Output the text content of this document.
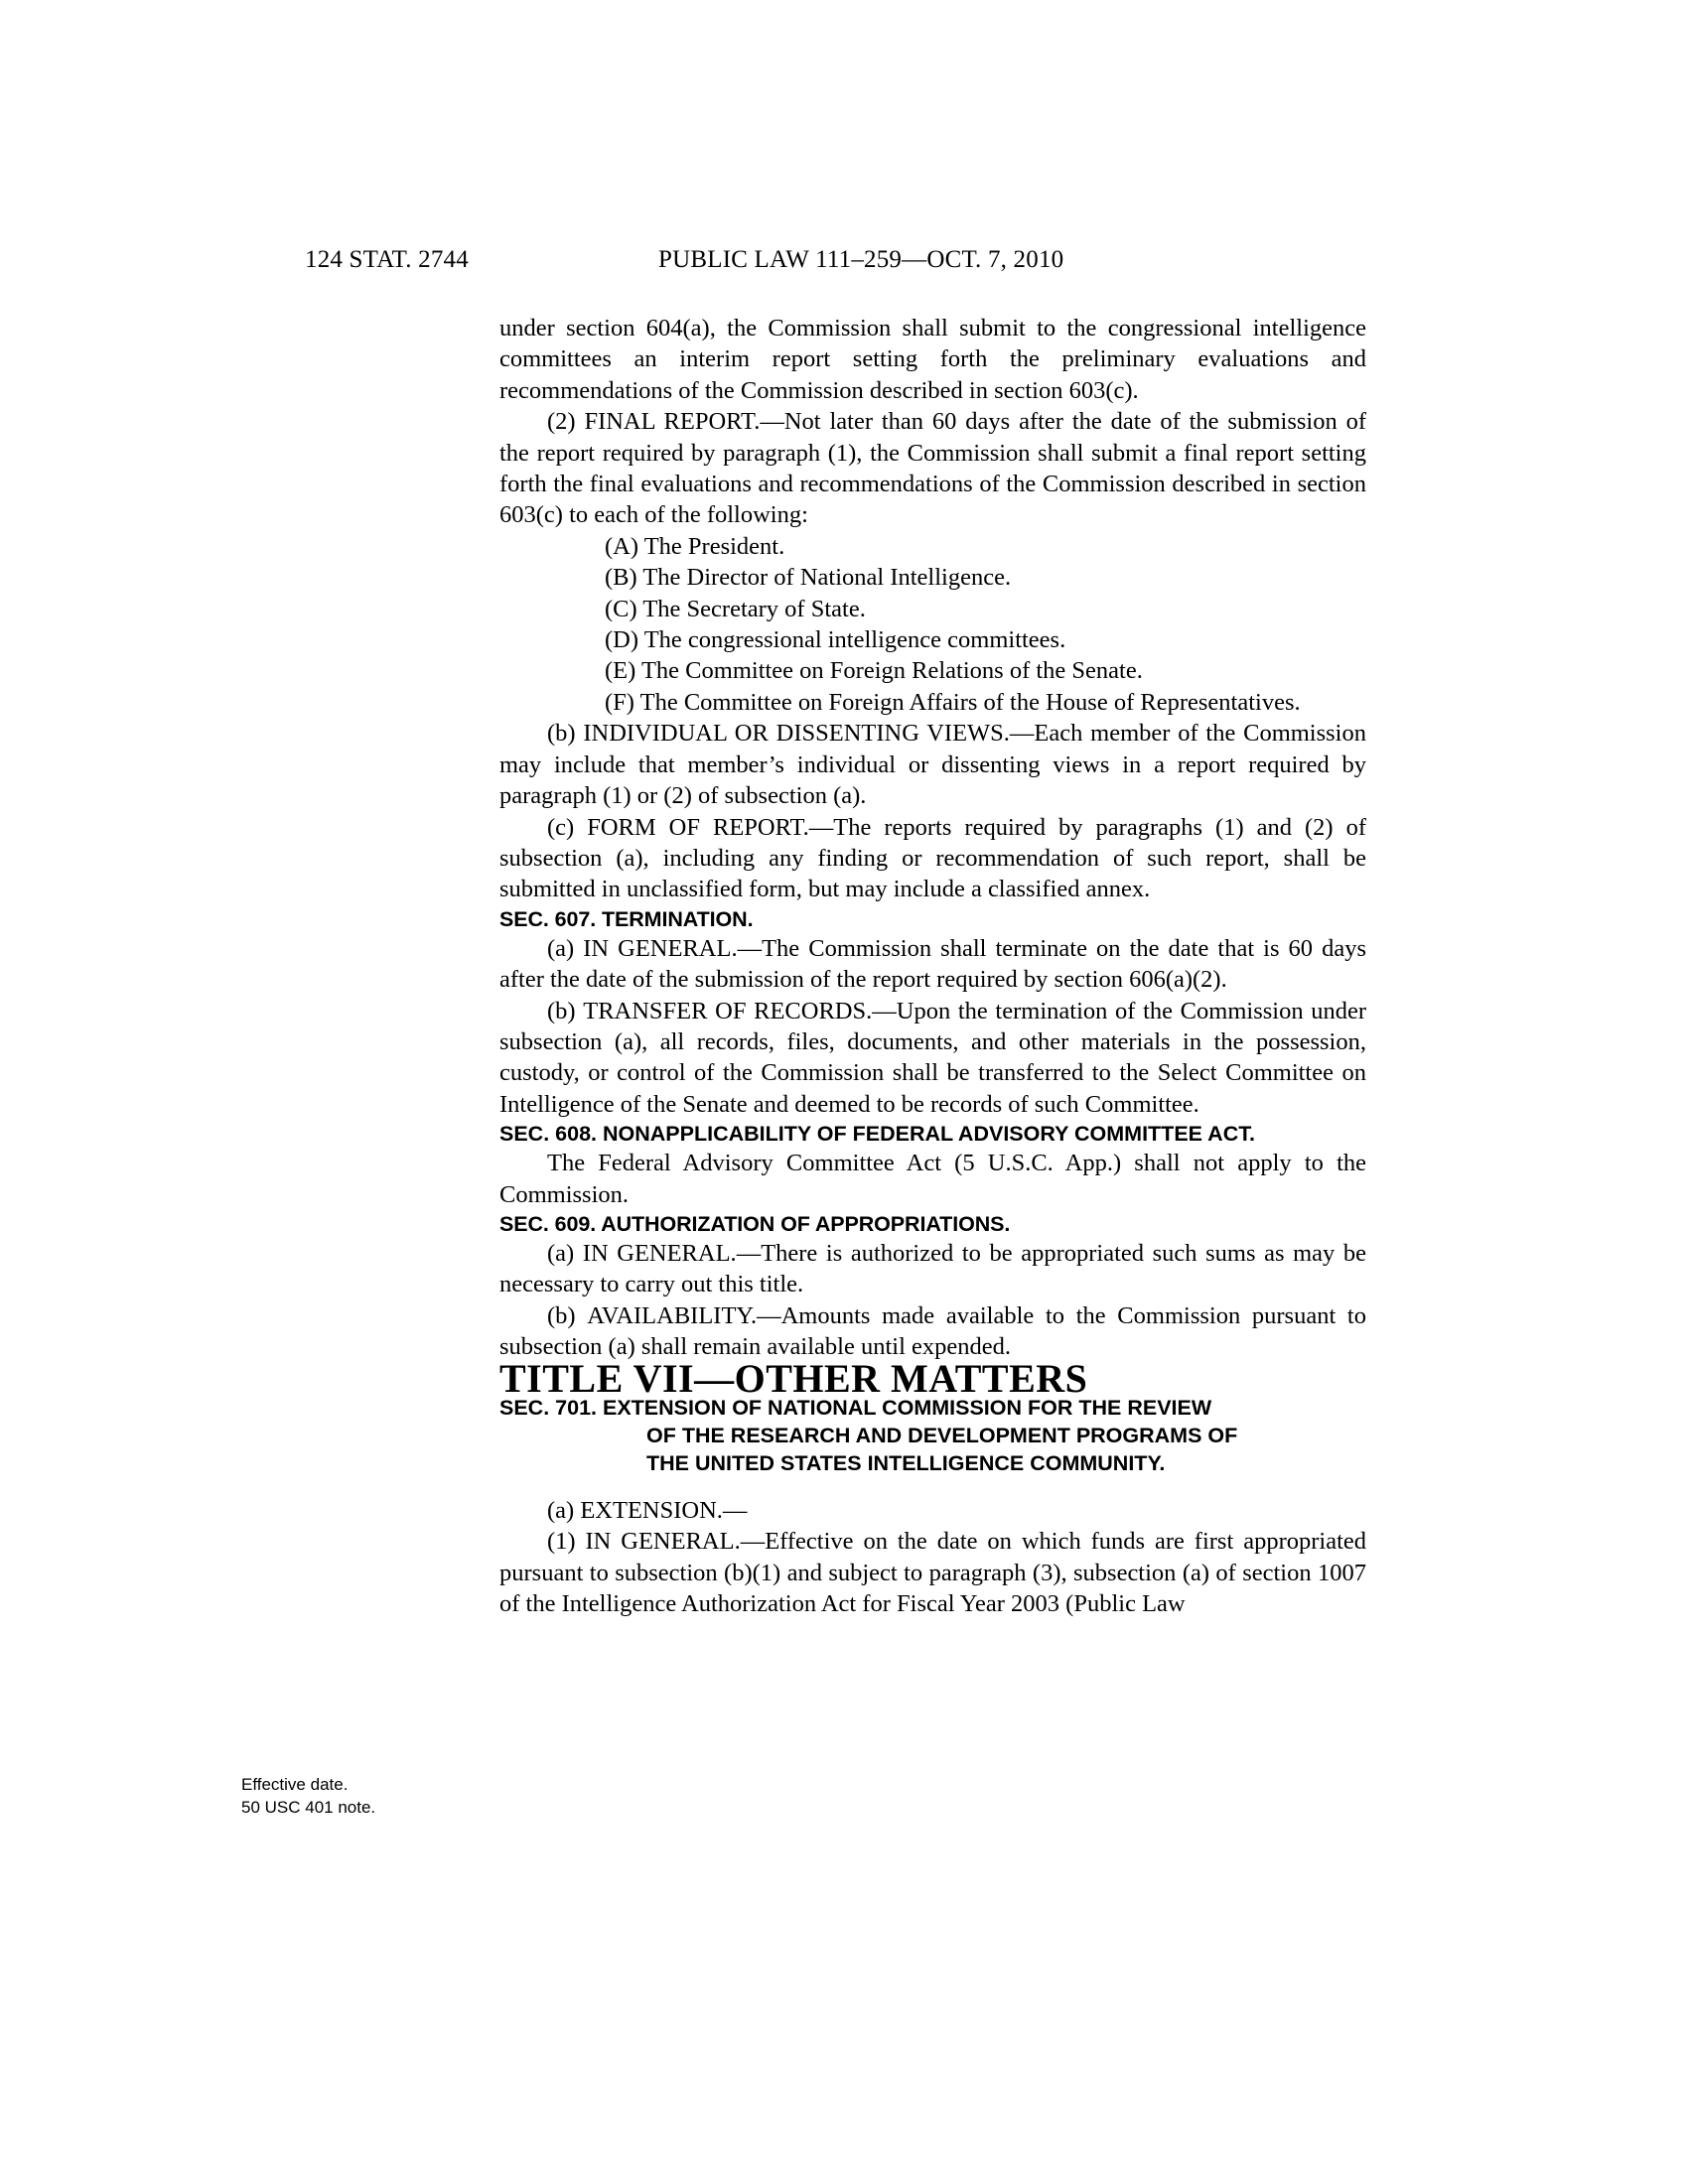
124 STAT. 2744	PUBLIC LAW 111–259—OCT. 7, 2010
Effective date.
50 USC 401 note.

under section 604(a), the Commission shall submit to the congressional intelligence committees an interim report setting forth the preliminary evaluations and recommendations of the Commission described in section 603(c).

(2) FINAL REPORT.—Not later than 60 days after the date of the submission of the report required by paragraph (1), the Commission shall submit a final report setting forth the final evaluations and recommendations of the Commission described in section 603(c) to each of the following:

(A) The President.

(B) The Director of National Intelligence.

(C) The Secretary of State.

(D) The congressional intelligence committees.

(E) The Committee on Foreign Relations of the Senate.

(F) The Committee on Foreign Affairs of the House of Representatives.

(b) INDIVIDUAL OR DISSENTING VIEWS.—Each member of the Commission may include that member’s individual or dissenting views in a report required by paragraph (1) or (2) of subsection (a).

(c) FORM OF REPORT.—The reports required by paragraphs (1) and (2) of subsection (a), including any finding or recommendation of such report, shall be submitted in unclassified form, but may include a classified annex.

SEC. 607. TERMINATION.

(a) IN GENERAL.—The Commission shall terminate on the date that is 60 days after the date of the submission of the report required by section 606(a)(2).

(b) TRANSFER OF RECORDS.—Upon the termination of the Commission under subsection (a), all records, files, documents, and other materials in the possession, custody, or control of the Commission shall be transferred to the Select Committee on Intelligence of the Senate and deemed to be records of such Committee.

SEC. 608. NONAPPLICABILITY OF FEDERAL ADVISORY COMMITTEE ACT.

The Federal Advisory Committee Act (5 U.S.C. App.) shall not apply to the Commission.

SEC. 609. AUTHORIZATION OF APPROPRIATIONS.

(a) IN GENERAL.—There is authorized to be appropriated such sums as may be necessary to carry out this title.

(b) AVAILABILITY.—Amounts made available to the Commission pursuant to subsection (a) shall remain available until expended.

TITLE VII—OTHER MATTERS

SEC. 701. EXTENSION OF NATIONAL COMMISSION FOR THE REVIEW

OF THE RESEARCH AND DEVELOPMENT PROGRAMS OF

THE UNITED STATES INTELLIGENCE COMMUNITY.

(a) EXTENSION.—

(1) IN GENERAL.—Effective on the date on which funds are first appropriated pursuant to subsection (b)(1) and subject to paragraph (3), subsection (a) of section 1007 of the Intelligence Authorization Act for Fiscal Year 2003 (Public Law
